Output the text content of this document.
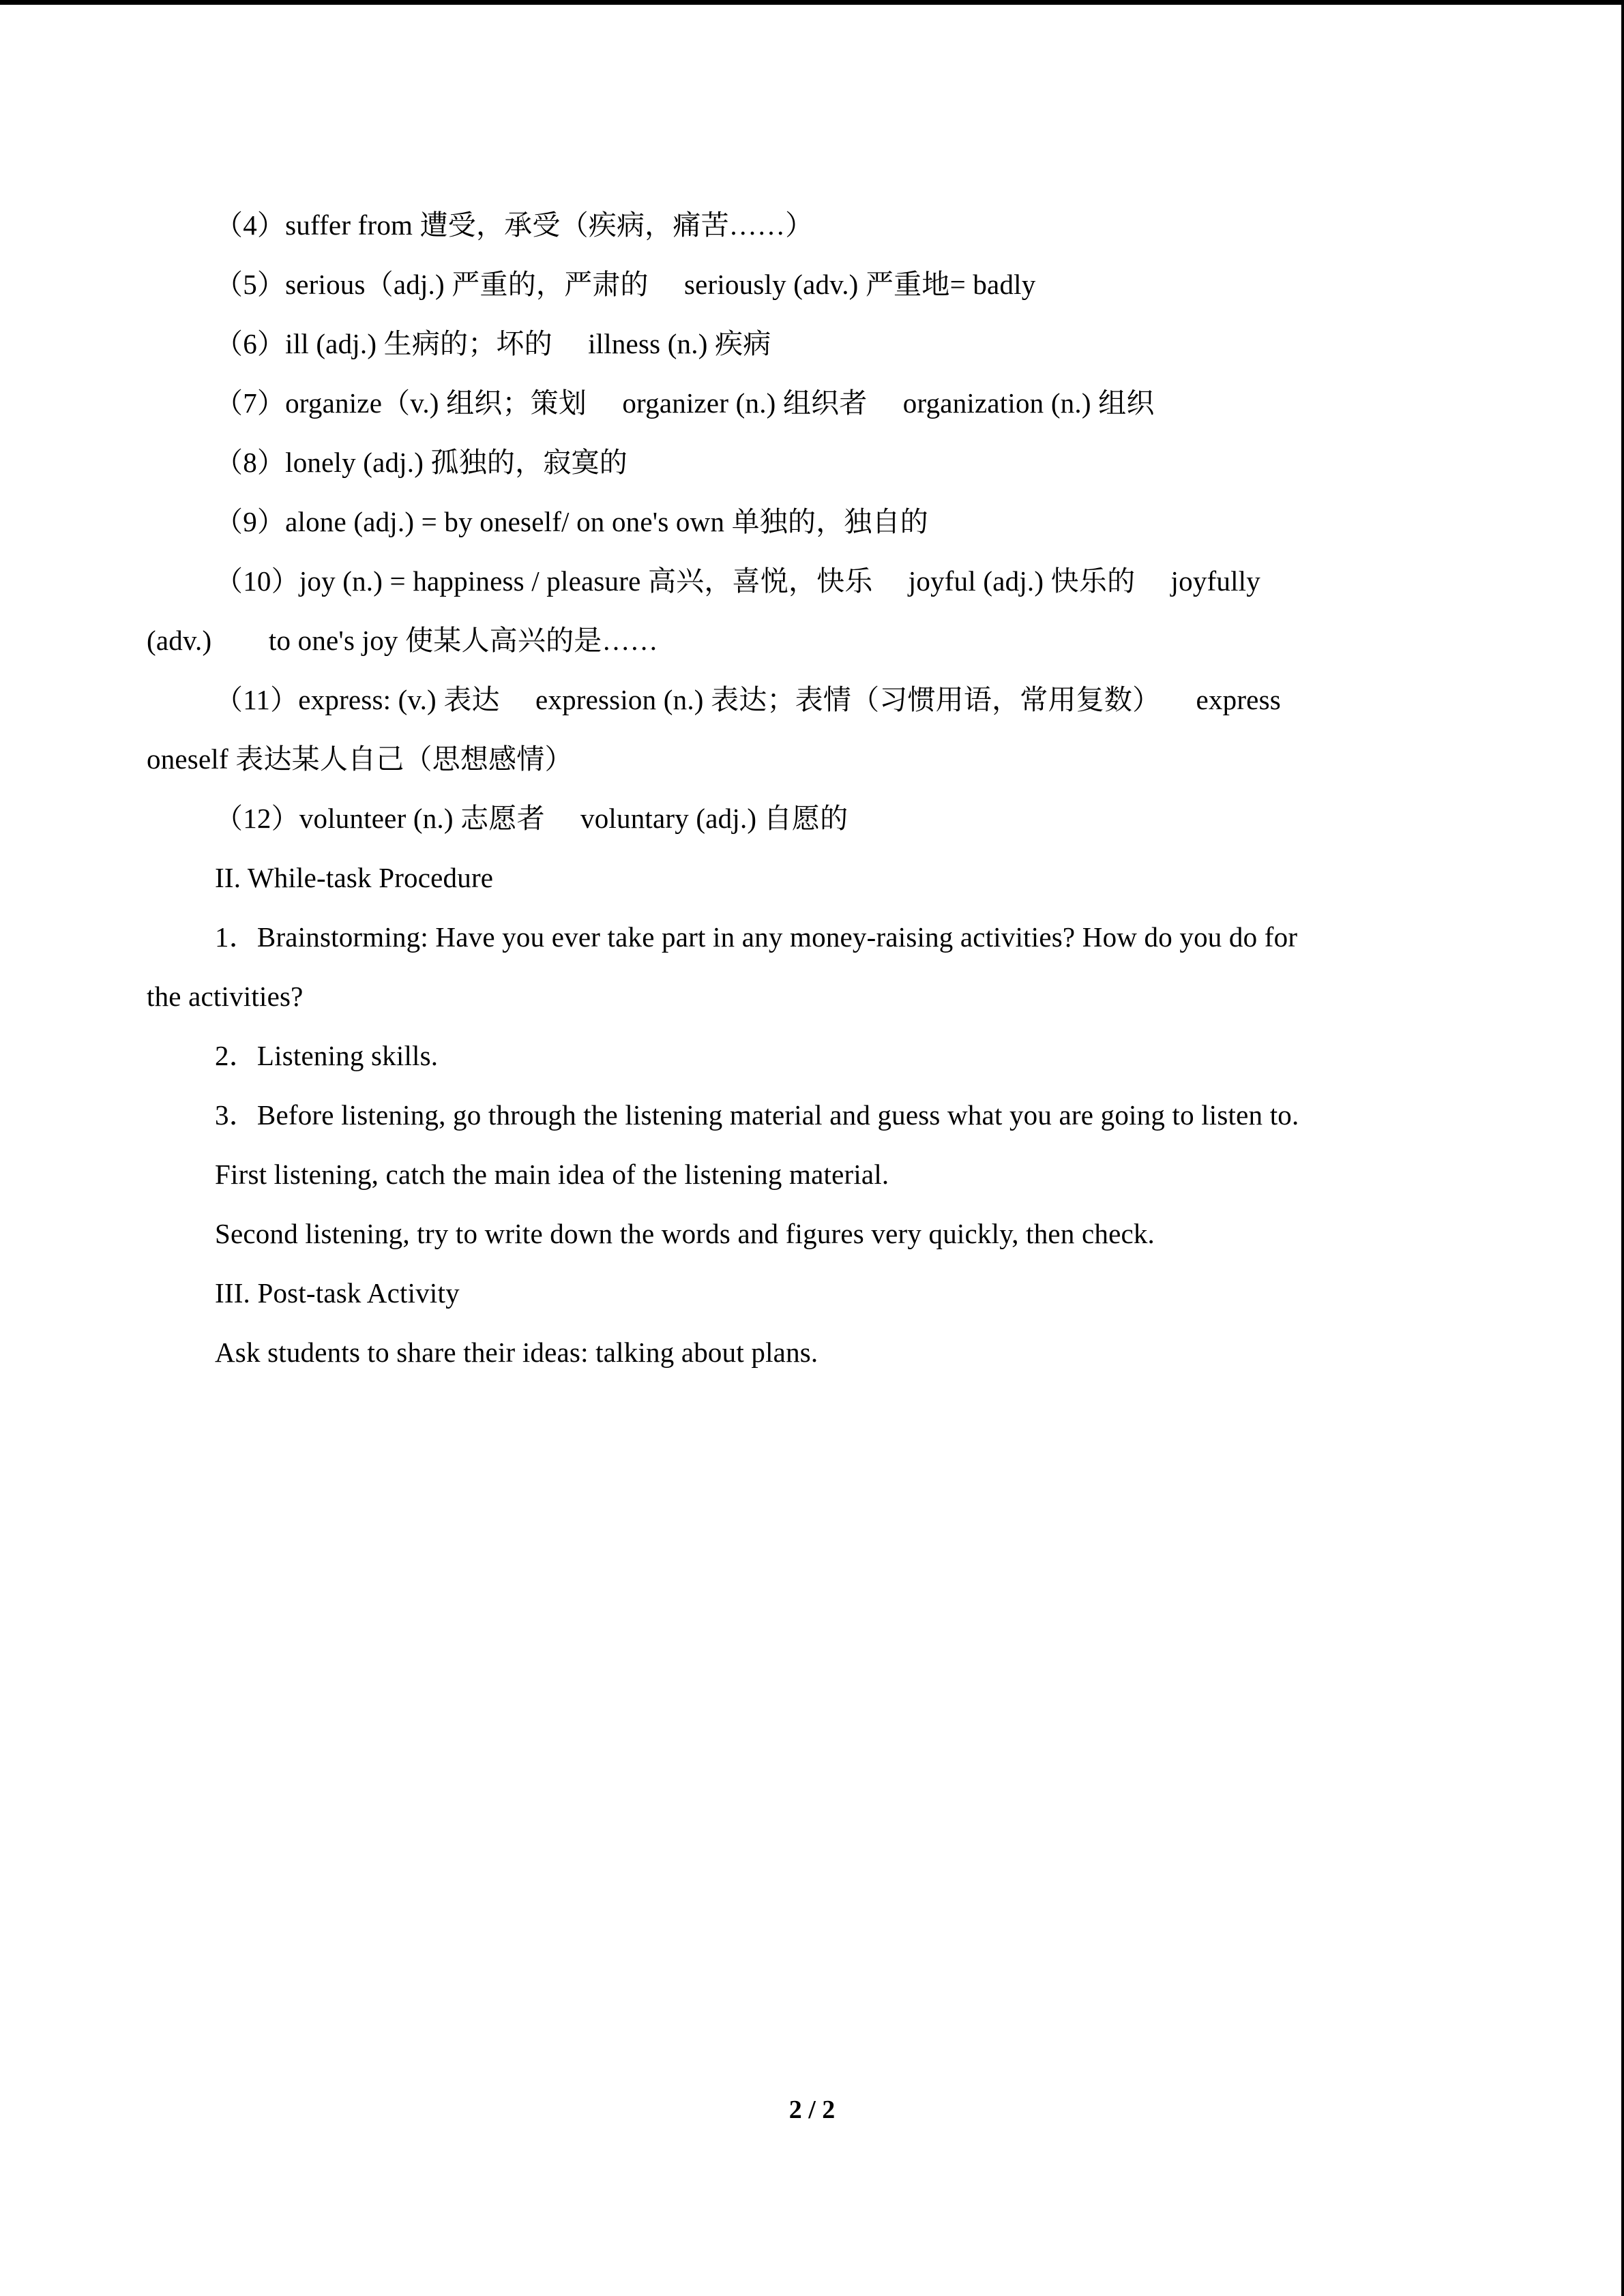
（4）suffer from 遭受，承受（疾病，痛苦……）
（5）serious（adj.) 严重的，严肃的     seriously (adv.) 严重地= badly
（6）ill (adj.) 生病的；坏的     illness (n.) 疾病
（7）organize（v.) 组织；策划     organizer (n.) 组织者     organization (n.) 组织
（8）lonely (adj.) 孤独的，寂寞的
（9）alone (adj.) = by oneself/ on one's own 单独的，独自的
（10）joy (n.) = happiness / pleasure 高兴，喜悦，快乐     joyful (adj.) 快乐的     joyfully
(adv.)        to one's joy 使某人高兴的是……
（11）express: (v.) 表达     expression (n.) 表达；表情（习惯用语，常用复数）     express
oneself 表达某人自己（思想感情）
（12）volunteer (n.) 志愿者     voluntary (adj.) 自愿的
II. While-task Procedure
1．Brainstorming: Have you ever take part in any money-raising activities? How do you do for
the activities?
2．Listening skills.
3．Before listening, go through the listening material and guess what you are going to listen to.
First listening, catch the main idea of the listening material.
Second listening, try to write down the words and figures very quickly, then check.
III. Post-task Activity
Ask students to share their ideas: talking about plans.
2 / 2
